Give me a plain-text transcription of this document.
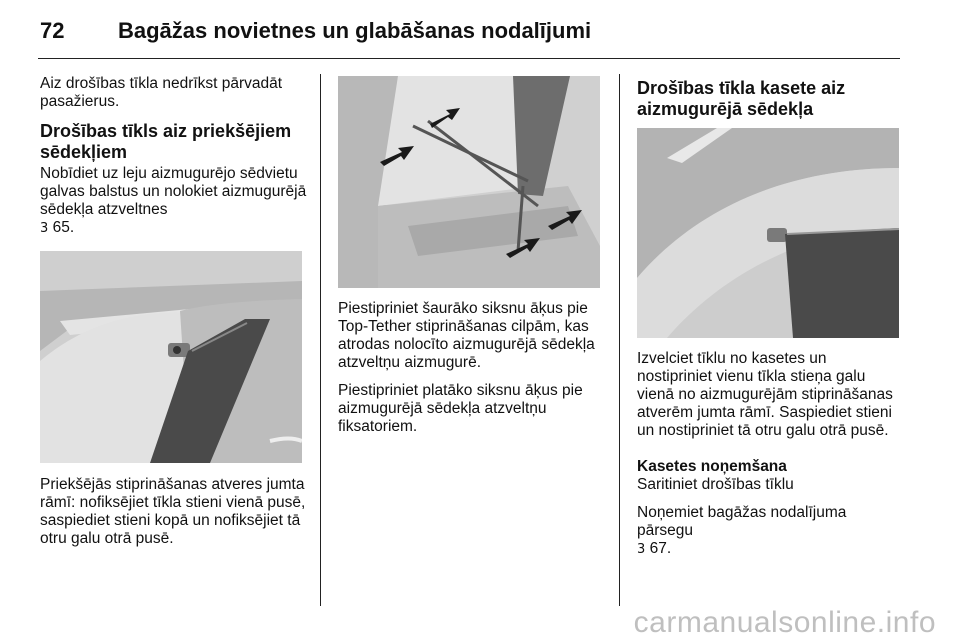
72 Bagāžas novietnes un glabāšanas nodalījumi

Aiz drošības tīkla nedrīkst pārvadāt pasažierus.

Drošības tīkls aiz priekšējiem sēdekļiem

Nobīdiet uz leju aizmugurējo sēdvietu galvas balstus un nolokiet aizmugurējā sēdekļa atzveltnes
3 65.

Priekšējās stiprināšanas atveres jumta rāmī: nofiksējiet tīkla stieni vienā pusē, saspiediet stieni kopā un nofiksējiet tā otru galu otrā pusē.

Piestipriniet šaurāko siksnu āķus pie Top-Tether stiprināšanas cilpām, kas atrodas nolocīto aizmugurējā sēdekļa atzveltņu aizmugurē.

Piestipriniet platāko siksnu āķus pie aizmugurējā sēdekļa atzveltņu fiksatoriem.

Drošības tīkla kasete aiz aizmugurējā sēdekļa

Izvelciet tīklu no kasetes un nostipriniet vienu tīkla stieņa galu vienā no aizmugurējām stiprināšanas atverēm jumta rāmī. Saspiediet stieni un nostipriniet tā otru galu otrā pusē.

Kasetes noņemšana

Saritiniet drošības tīklu

Noņemiet bagāžas nodalījuma pārsegu
3 67.

carmanualsonline.info
